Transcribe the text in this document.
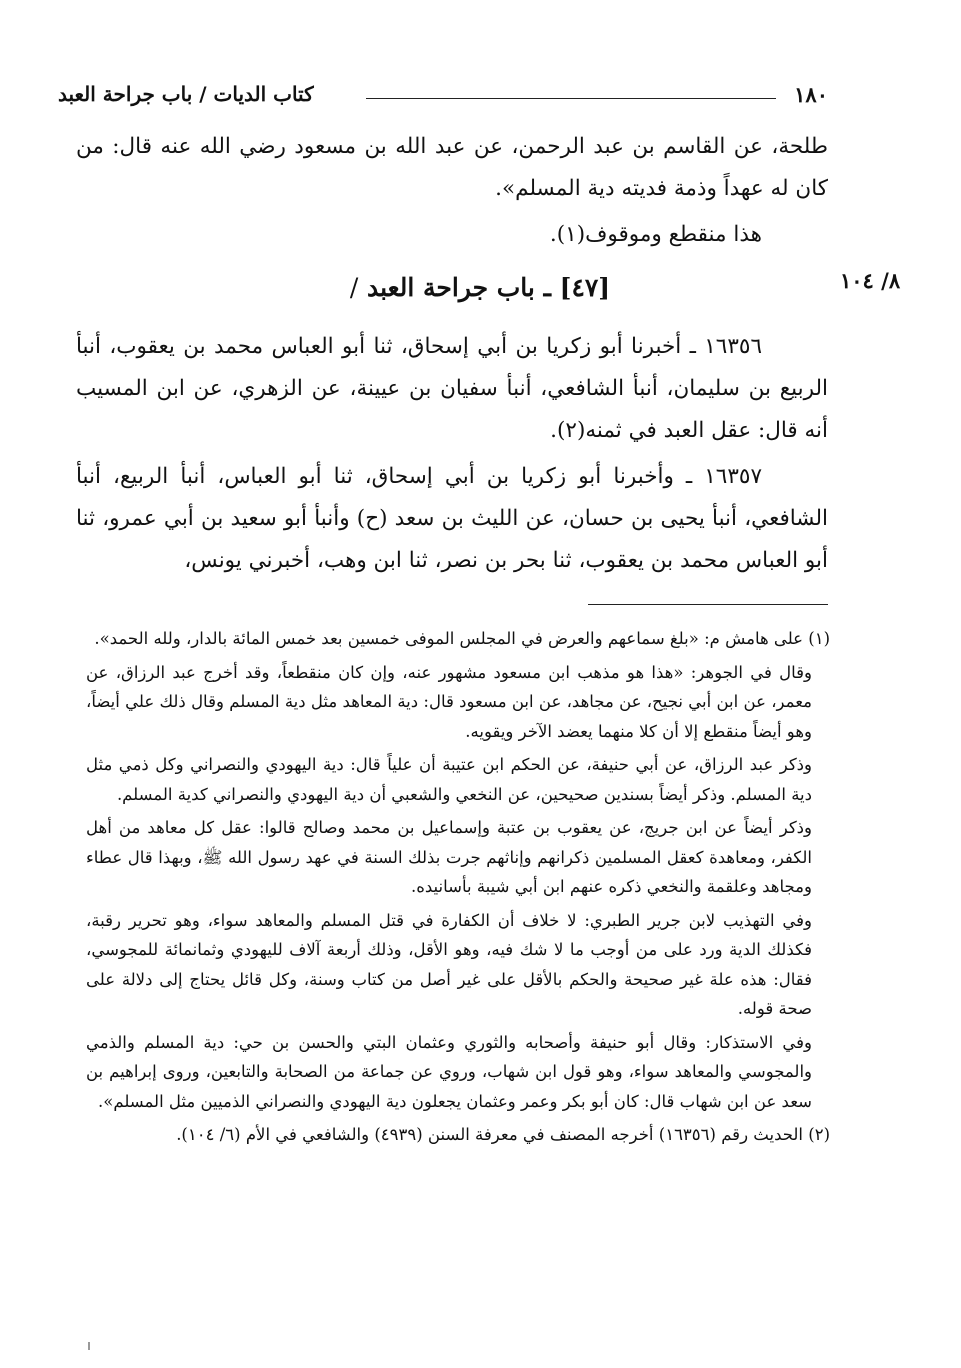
١٨٠
كتاب الديات / باب جراحة العبد
٨/ ١٠٤

طلحة، عن القاسم بن عبد الرحمن، عن عبد الله بن مسعود رضي الله عنه قال: من كان له عهداً وذمة فديته دية المسلم».

هذا منقطع وموقوف(١).

[٤٧] ـ باب جراحة العبد /

١٦٣٥٦ ـ أخبرنا أبو زكريا بن أبي إسحاق، ثنا أبو العباس محمد بن يعقوب، أنبأ الربيع بن سليمان، أنبأ الشافعي، أنبأ سفيان بن عيينة، عن الزهري، عن ابن المسيب أنه قال: عقل العبد في ثمنه(٢).

١٦٣٥٧ ـ وأخبرنا أبو زكريا بن أبي إسحاق، ثنا أبو العباس، أنبأ الربيع، أنبأ الشافعي، أنبأ يحيى بن حسان، عن الليث بن سعد (ح) وأنبأ أبو سعيد بن أبي عمرو، ثنا أبو العباس محمد بن يعقوب، ثنا بحر بن نصر، ثنا ابن وهب، أخبرني يونس،

(١) على هامش م: «بلغ سماعهم والعرض في المجلس الموفى خمسين بعد خمس المائة بالدار، ولله الحمد».

وقال في الجوهر: «هذا هو مذهب ابن مسعود مشهور عنه، وإن كان منقطعاً، وقد أخرج عبد الرزاق، عن معمر، عن ابن أبي نجيح، عن مجاهد، عن ابن مسعود قال: دية المعاهد مثل دية المسلم وقال ذلك علي أيضاً، وهو أيضاً منقطع إلا أن كلا منهما يعضد الآخر ويقويه.

وذكر عبد الرزاق، عن أبي حنيفة، عن الحكم ابن عتيبة أن علياً قال: دية اليهودي والنصراني وكل ذمي مثل دية المسلم. وذكر أيضاً بسندين صحيحين، عن النخعي والشعبي أن دية اليهودي والنصراني كدية المسلم.

وذكر أيضاً عن ابن جريج، عن يعقوب بن عتبة وإسماعيل بن محمد وصالح قالوا: عقل كل معاهد من أهل الكفر، ومعاهدة كعقل المسلمين ذكرانهم وإناثهم جرت بذلك السنة في عهد رسول الله ﷺ، وبهذا قال عطاء ومجاهد وعلقمة والنخعي ذكره عنهم ابن أبي شيبة بأسانيده.

وفي التهذيب لابن جرير الطبري: لا خلاف أن الكفارة في قتل المسلم والمعاهد سواء، وهو تحرير رقبة، فكذلك الدية ورد على من أوجب ما لا شك فيه، وهو الأقل، وذلك أربعة آلاف لليهودي وثمانمائة للمجوسي، فقال: هذه علة غير صحيحة والحكم بالأقل على غير أصل من كتاب وسنة، وكل قائل يحتاج إلى دلالة على صحة قوله.

وفي الاستذكار: وقال أبو حنيفة وأصحابه والثوري وعثمان البتي والحسن بن حي: دية المسلم والذمي والمجوسي والمعاهد سواء، وهو قول ابن شهاب، وروي عن جماعة من الصحابة والتابعين، وروى إبراهيم بن سعد عن ابن شهاب قال: كان أبو بكر وعمر وعثمان يجعلون دية اليهودي والنصراني الذميين مثل المسلم».

(٢) الحديث رقم (١٦٣٥٦) أخرجه المصنف في معرفة السنن (٤٩٣٩) والشافعي في الأم (٦/ ١٠٤).
